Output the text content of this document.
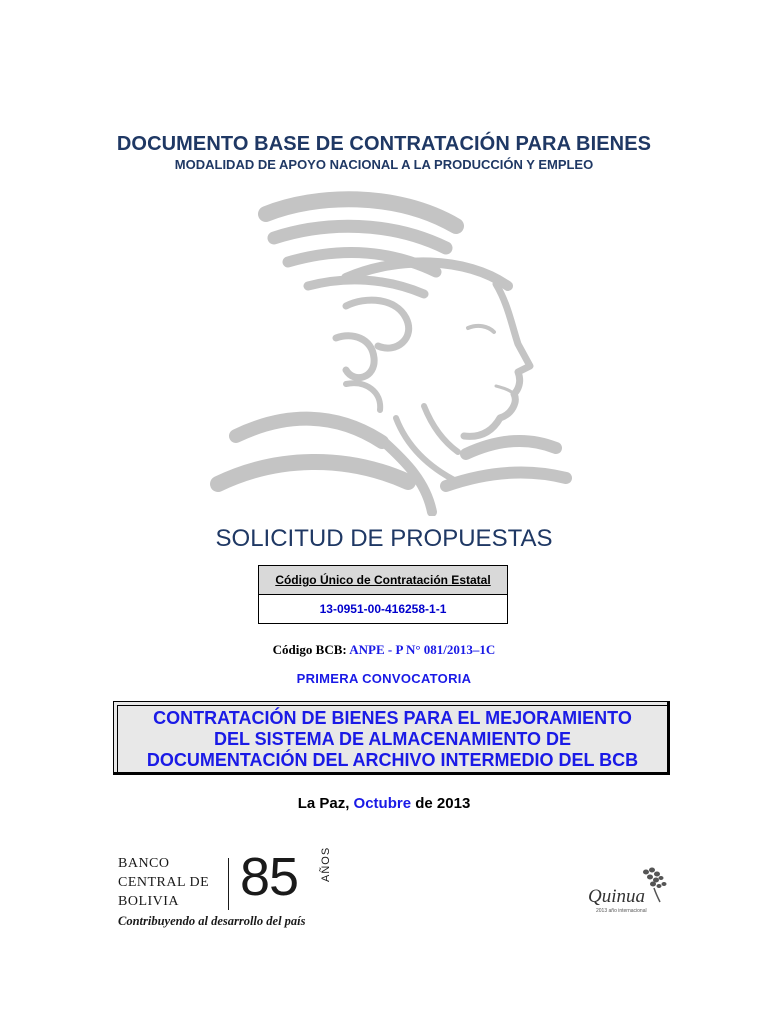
DOCUMENTO BASE DE CONTRATACIÓN PARA BIENES
MODALIDAD DE APOYO NACIONAL A LA PRODUCCIÓN Y EMPLEO
SOLICITUD DE PROPUESTAS
Código Único de Contratación Estatal
13-0951-00-416258-1-1
Código BCB: ANPE - P N° 081/2013–1C
PRIMERA CONVOCATORIA
CONTRATACIÓN DE BIENES PARA EL MEJORAMIENTO
DEL SISTEMA DE ALMACENAMIENTO DE
DOCUMENTACIÓN DEL ARCHIVO INTERMEDIO DEL BCB
La Paz, Octubre de 2013
BANCO
CENTRAL DE
BOLIVIA 85 AÑOS
Contribuyendo al desarrollo del país
Quinua
2013 año internacional
